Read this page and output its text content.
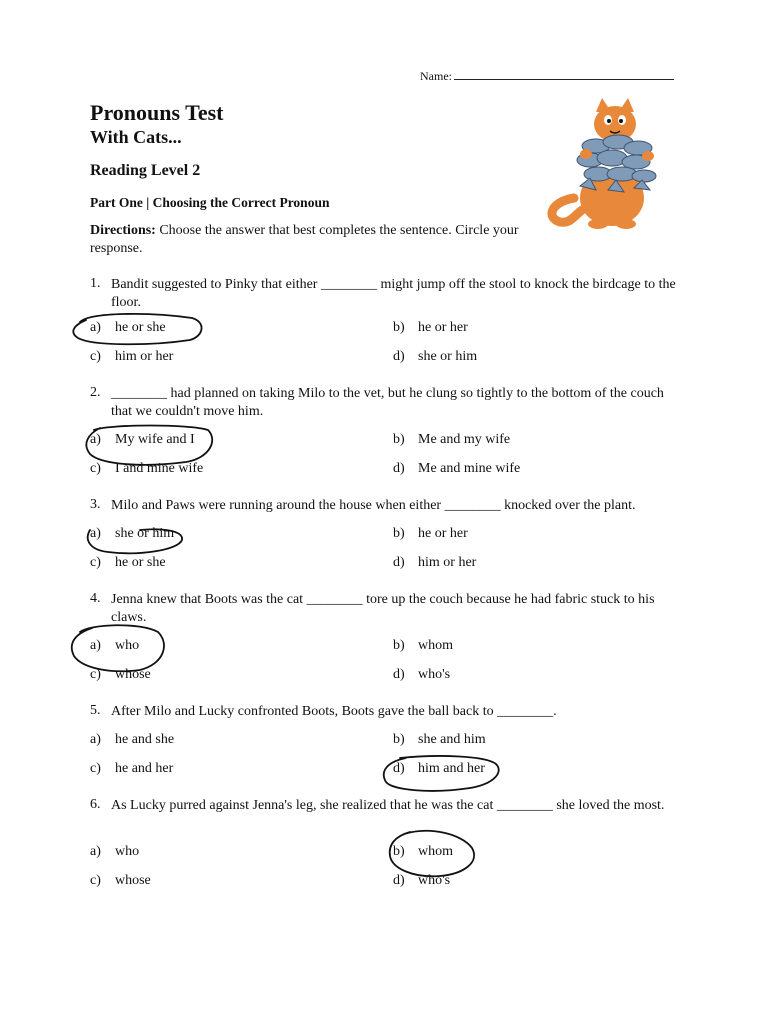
Name:
Pronouns Test
With Cats...
Reading Level 2
Part One | Choosing the Correct Pronoun
Directions: Choose the answer that best completes the sentence. Circle your response.
1. Bandit suggested to Pinky that either ________ might jump off the stool to knock the birdcage to the floor.
a) he or she	b) he or her
c) him or her	d) she or him
2. ________ had planned on taking Milo to the vet, but he clung so tightly to the bottom of the couch that we couldn't move him.
a) My wife and I	b) Me and my wife
c) I and mine wife	d) Me and mine wife
3. Milo and Paws were running around the house when either ________ knocked over the plant.
a) she or him	b) he or her
c) he or she	d) him or her
4. Jenna knew that Boots was the cat ________ tore up the couch because he had fabric stuck to his claws.
a) who	b) whom
c) whose	d) who's
5. After Milo and Lucky confronted Boots, Boots gave the ball back to ________.
a) he and she	b) she and him
c) he and her	d) him and her
6. As Lucky purred against Jenna's leg, she realized that he was the cat ________ she loved the most.
a) who	b) whom
c) whose	d) who's
